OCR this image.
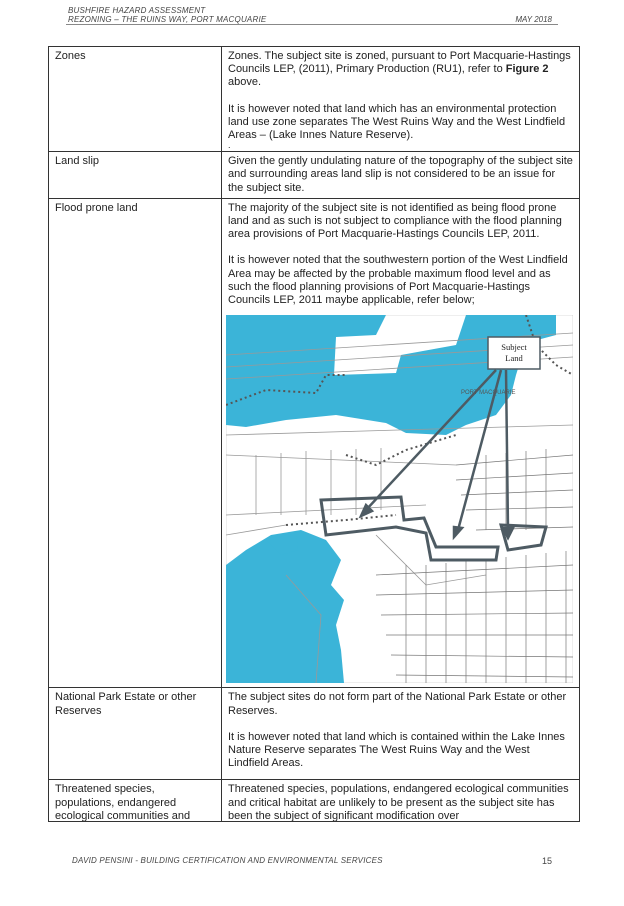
BUSHFIRE HAZARD ASSESSMENT
REZONING – THE RUINS WAY, PORT MACQUARIE	MAY 2018
Zones	Zones. The subject site is zoned, pursuant to Port Macquarie-Hastings Councils LEP, (2011), Primary Production (RU1), refer to Figure 2 above.

It is however noted that land which has an environmental protection land use zone separates The West Ruins Way and the West Lindfield Areas – (Lake Innes Nature Reserve).

.

Land slip	Given the gently undulating nature of the topography of the subject site and surrounding areas land slip is not considered to be an issue for the subject site.

Flood prone land	The majority of the subject site is not identified as being flood prone land and as such is not subject to compliance with the flood planning area provisions of Port Macquarie-Hastings Councils LEP, 2011.

It is however noted that the southwestern portion of the West Lindfield Area may be affected by the probable maximum flood level and as such the flood planning provisions of Port Macquarie-Hastings Councils LEP, 2011 maybe applicable, refer below;

Subject
Land
PORT MACQUARIE

National Park Estate or other Reserves	The subject sites do not form part of the National Park Estate or other Reserves.

It is however noted that land which is contained within the Lake Innes Nature Reserve separates The West Ruins Way and the West Lindfield Areas.

Threatened species, populations, endangered ecological communities and	Threatened species, populations, endangered ecological communities and critical habitat are unlikely to be present as the subject site has been the subject of significant modification over
DAVID PENSINI - BUILDING CERTIFICATION AND ENVIRONMENTAL SERVICES	15
